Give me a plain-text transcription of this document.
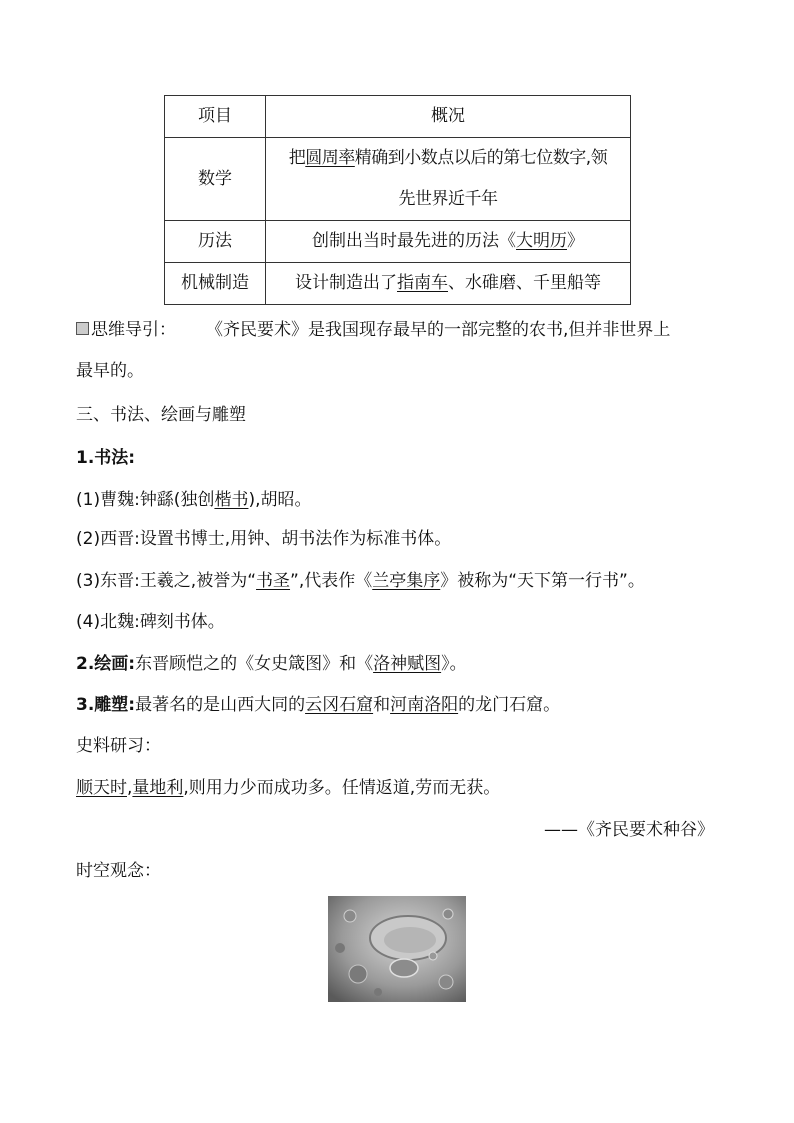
项目	概况
数学	把圆周率精确到小数点以后的第七位数字,领
先世界近千年
历法	创制出当时最先进的历法《大明历》
机械制造	设计制造出了指南车、水碓磨、千里船等
思维导引： 《齐民要术》是我国现存最早的一部完整的农书,但并非世界上
最早的。
三、书法、绘画与雕塑
1.书法:
(1)曹魏:钟繇(独创楷书),胡昭。
(2)西晋:设置书博士,用钟、胡书法作为标准书体。
(3)东晋:王羲之,被誉为“书圣”,代表作《兰亭集序》被称为“天下第一行书”。
(4)北魏:碑刻书体。
2.绘画:东晋顾恺之的《女史箴图》和《洛神赋图》。
3.雕塑:最著名的是山西大同的云冈石窟和河南洛阳的龙门石窟。
史料研习：
顺天时,量地利,则用力少而成功多。任情返道,劳而无获。
——《齐民要术种谷》
时空观念：
